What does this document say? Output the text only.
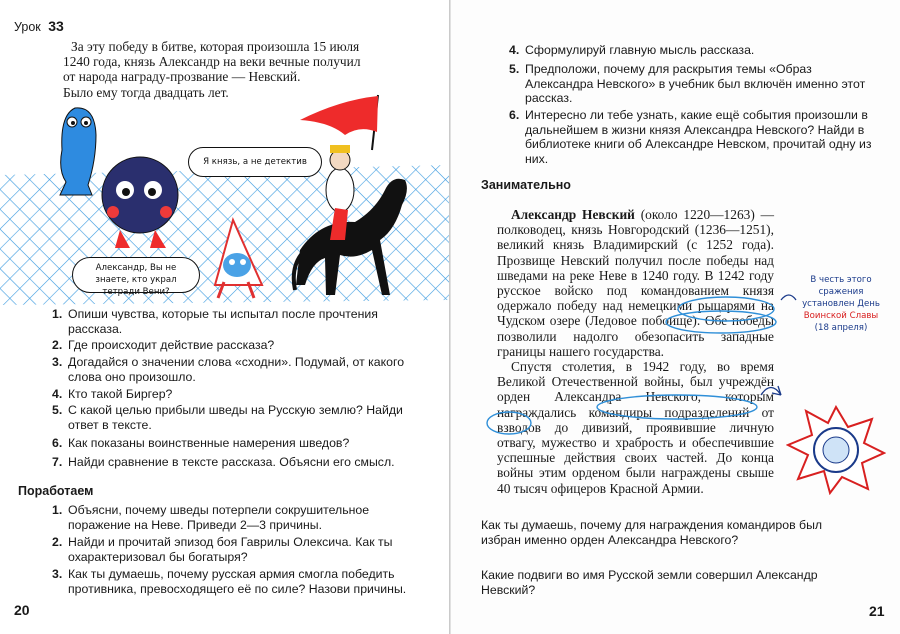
Урок 33
За эту победу в битве, которая произошла 15 июля
1240 года, князь Александр на веки вечные получил
от народа награду-прозвание — Невский.
Было ему тогда двадцать лет.
Я князь, а не детектив
Александр, Вы не знаете, кто украл тетради Вени?
1. Опиши чувства, которые ты испытал после прочтения рассказа.
2. Где происходит действие рассказа?
3. Догадайся о значении слова «сходни». Подумай, от какого слова оно произошло.
4. Кто такой Биргер?
5. С какой целью прибыли шведы на Русскую землю? Найди ответ в тексте.
6. Как показаны воинственные намерения шведов?
7. Найди сравнение в тексте рассказа. Объясни его смысл.
Поработаем
1. Объясни, почему шведы потерпели сокрушительное поражение на Неве. Приведи 2—3 причины.
2. Найди и прочитай эпизод боя Гаврилы Олексича. Как ты охарактеризовал бы богатыря?
3. Как ты думаешь, почему русская армия смогла победить противника, превосходящего её по силе? Назови причины.
20
4. Сформулируй главную мысль рассказа.
5. Предположи, почему для раскрытия темы «Образ Александра Невского» в учебник был включён именно этот рассказ.
6. Интересно ли тебе узнать, какие ещё события произошли в дальнейшем в жизни князя Александра Невского? Найди в библиотеке книги об Александре Невском, прочитай одну из них.
Занимательно
Александр Невский (около 1220—1263) — полководец, князь Новгородский (1236—1251), великий князь Владимирский (с 1252 года). Прозвище Невский получил после победы над шведами на реке Неве в 1240 году. В 1242 году русское войско под командованием князя одержало победу над немецкими рыцарями на Чудском озере (Ледовое побоище). Обе победы позволили надолго обезопасить западные границы нашего государства.
Спустя столетия, в 1942 году, во время Великой Отечественной войны, был учреждён орден Александра Невского, которым награждались командиры подразделений от взводов до дивизий, проявившие личную отвагу, мужество и храбрость и обеспечившие успешные действия своих частей. До конца войны этим орденом были награждены свыше 40 тысяч офицеров Красной Армии.
В честь этого
сражения
установлен День
Воинской Славы
(18 апреля)
Как ты думаешь, почему для награждения командиров был избран именно орден Александра Невского?
Какие подвиги во имя Русской земли совершил Александр Невский?
21
